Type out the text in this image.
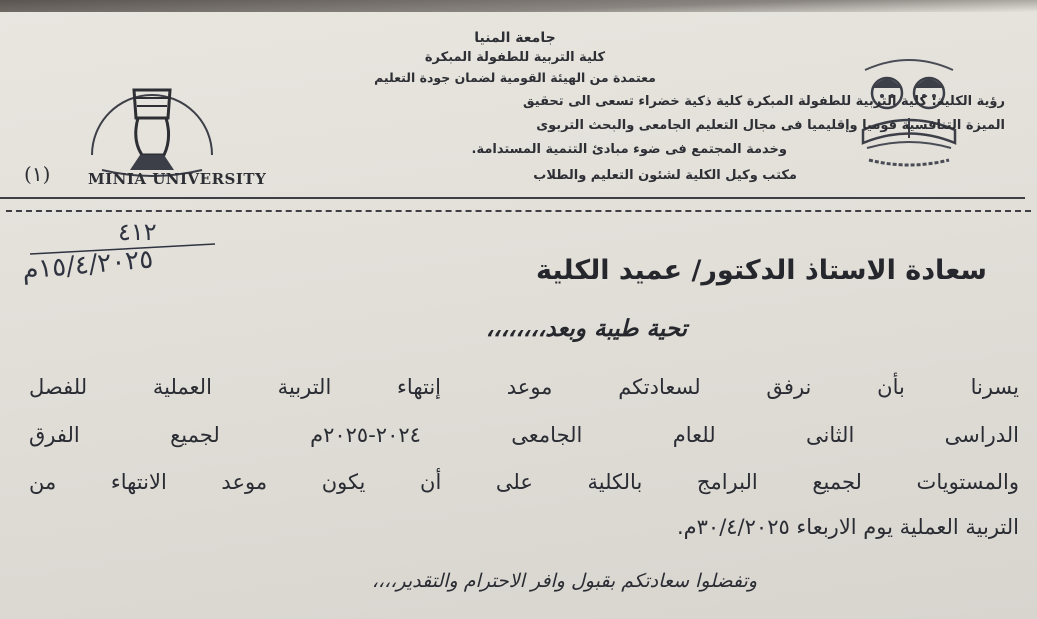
MINIA UNIVERSITY
(١)
جامعة المنيا
كلية التربية للطفولة المبكرة
معتمدة من الهيئة القومية لضمان جودة التعليم
رؤية الكلية: كلية التربية للطفولة المبكرة كلية ذكية خضراء تسعى الى تحقيق
الميزة التنافسية قوميا وإقليميا فى مجال التعليم الجامعى والبحث التربوى
وخدمة المجتمع فى ضوء مبادئ التنمية المستدامة.
مكتب وكيل الكلية لشئون التعليم والطلاب
٤١٢
١٥/٤/٢٠٢٥م	سعادة الاستاذ الدكتور/ عميد الكلية
تحية طيبة وبعد،،،،،،،،
يسرنا بأن نرفق لسعادتكم موعد إنتهاء التربية العملية للفصل
الدراسى الثانى للعام الجامعى ٢٠٢٤-٢٠٢٥م لجميع الفرق
والمستويات لجميع البرامج بالكلية على أن يكون موعد الانتهاء من
التربية العملية يوم الاربعاء ٣٠/٤/٢٠٢٥م.
وتفضلوا سعادتكم بقبول وافر الاحترام والتقدير،،،،
